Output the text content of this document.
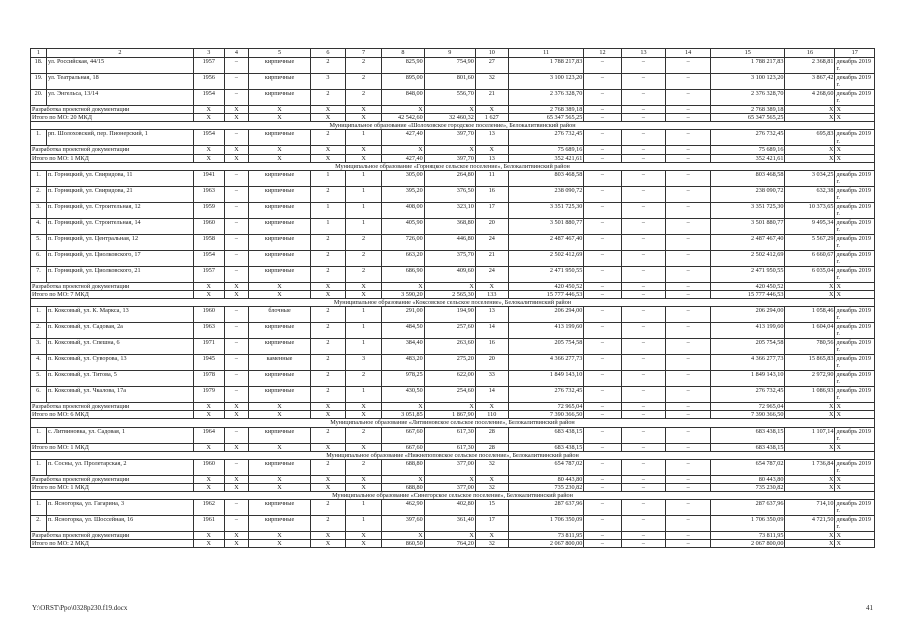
1	2	3	4	5	6	7	8	9	10	11	12	13	14	15	16	17
18.	ул. Российская, 44/15	1957	–	кирпичные	2	2	825,90	754,90	27	1 788 217,83	–	–	–	1 788 217,83	2 368,81	декабрь 2019 г.
19.	ул. Театральная, 18	1956	–	кирпичные	3	2	895,00	801,60	32	3 100 123,20	–	–	–	3 100 123,20	3 867,42	декабрь 2019 г.
20.	ул. Энгельса, 13/14	1954	–	кирпичные	2	2	848,00	556,70	21	2 376 328,70	–	–	–	2 376 328,70	4 268,60	декабрь 2019 г.
Разработка проектной документации		X	X	X	X	X	X	X	X	2 768 389,18	–	–	–	2 768 389,18	X	X
Итого по МО: 20 МКД		X	X	X	X	X	42 542,60	32 460,32	1 627	65 347 565,25	–	–	–	65 347 565,25	X	X
Муниципальное образование «Шолоховское городское поселение», Белокалитвинский район																
1.	рп. Шолоховский, пер. Пионерский, 1	1954	–	кирпичные	2	1	427,40	397,70	13	276 732,45	–	–	–	276 732,45	695,83	декабрь 2019 г.
Разработка проектной документации		X	X	X	X	X	X	X	X	75 689,16	–	–	–	75 689,16	X	X
Итого по МО: 1 МКД		X	X	X	X	X	427,40	397,70	13	352 421,61	–	–	–	352 421,61	X	X
Муниципальное образование «Горняцкое сельское поселение», Белокалитвинский район																
1.	п. Горняцкий, ул. Свиридова, 11	1941	–	кирпичные	1	1	305,00	264,80	11	803 468,58	–	–	–	803 468,58	3 034,25	декабрь 2019 г.
2.	п. Горняцкий, ул. Свиридова, 21	1963	–	кирпичные	2	1	395,20	376,50	16	238 090,72	–	–	–	238 090,72	632,38	декабрь 2019 г.
3.	п. Горняцкий, ул. Строительная, 12	1959	–	кирпичные	1	1	408,00	323,10	17	3 351 725,30	–	–	–	3 351 725,30	10 373,65	декабрь 2019 г.
4.	п. Горняцкий, ул. Строительная, 14	1960	–	кирпичные	1	1	405,90	368,80	20	3 501 880,77	–	–	–	3 501 880,77	9 495,34	декабрь 2019 г.
5.	п. Горняцкий, ул. Центральная, 12	1958	–	кирпичные	2	2	726,00	446,80	24	2 487 467,40	–	–	–	2 487 467,40	5 567,29	декабрь 2019 г.
6.	п. Горняцкий, ул. Циолковского, 17	1954	–	кирпичные	2	2	663,20	375,70	21	2 502 412,69	–	–	–	2 502 412,69	6 660,67	декабрь 2019 г.
7.	п. Горняцкий, ул. Циолковского, 21	1957	–	кирпичные	2	2	686,90	409,60	24	2 471 950,55	–	–	–	2 471 950,55	6 035,04	декабрь 2019 г.
Разработка проектной документации		X	X	X	X	X	X	X	X	420 450,52	–	–	–	420 450,52	X	X
Итого по МО: 7 МКД		X	X	X	X	X	3 590,20	2 565,30	133	15 777 446,53	–	–	–	15 777 446,53	X	X
Муниципальное образование «Коксовское сельское поселение», Белокалитвинский район																
1.	п. Коксовый, ул. К. Маркса, 13	1960	–	блочные	2	1	291,00	194,90	13	206 294,00	–	–	–	206 294,00	1 058,46	декабрь 2019 г.
2.	п. Коксовый, ул. Садовая, 2а	1963	–	кирпичные	2	1	484,50	257,60	14	413 199,60	–	–	–	413 199,60	1 604,04	декабрь 2019 г.
3.	п. Коксовый, ул. Спешна, 6	1971	–	кирпичные	2	1	384,40	263,60	16	205 754,58	–	–	–	205 754,58	780,56	декабрь 2019 г.
4.	п. Коксовый, ул. Суворова, 13	1945	–	каменные	2	3	483,20	275,20	20	4 366 277,73	–	–	–	4 366 277,73	15 865,83	декабрь 2019 г.
5.	п. Коксовый, ул. Титова, 5	1978	–	кирпичные	2	2	978,25	622,00	33	1 849 143,10	–	–	–	1 849 143,10	2 972,90	декабрь 2019 г.
6.	п. Коксовый, ул. Чкалова, 17а	1979	–	кирпичные	2	1	430,50	254,60	14	276 732,45	–	–	–	276 732,45	1 086,93	декабрь 2019 г.
Разработка проектной документации		X	X	X	X	X	X	X	X	72 965,04	–	–	–	72 965,04	X	X
Итого по МО: 6 МКД		X	X	X	X	X	3 051,85	1 867,90	110	7 390 366,50	–	–	–	7 390 366,50	X	X
Муниципальное образование «Литвиновское сельское поселение», Белокалитвинский район																
1.	с. Литвиновка, ул. Садовая, 1	1964	–	кирпичные	2	2	667,60	617,30	28	683 438,15	–	–	–	683 438,15	1 107,14	декабрь 2019 г.
Итого по МО: 1 МКД		X	X	X	X	X	667,60	617,30	28	683 438,15	–	–	–	683 438,15	X	X
Муниципальное образование «Нижнепоповское сельское поселение», Белокалитвинский район																
1.	п. Сосны, ул. Пролетарская, 2	1960	–	кирпичные	2	2	688,80	377,00	32	654 787,02	–	–	–	654 787,02	1 736,84	декабрь 2019 г.
Разработка проектной документации		X	X	X	X	X	X	X	X	80 443,80	–	–	–	80 443,80	X	X
Итого по МО: 1 МКД		X	X	X	X	X	688,80	377,00	32	735 230,82	–	–	–	735 230,82	X	X
Муниципальное образование «Синегорское сельское поселение», Белокалитвинский район																
1.	п. Ясногорка, ул. Гагарина, 3	1962	–	кирпичные	2	1	462,90	402,80	15	287 637,96	–	–	–	287 637,96	714,10	декабрь 2019 г.
2.	п. Ясногорка, ул. Шоссейная, 16	1961	–	кирпичные	2	1	397,60	361,40	17	1 706 350,09	–	–	–	1 706 350,09	4 721,50	декабрь 2019 г.
Разработка проектной документации		X	X	X	X	X	X	X	X	73 811,95	–	–	–	73 811,95	X	X
Итого по МО: 2 МКД		X	X	X	X	X	860,50	764,20	32	2 067 800,00	–	–	–	2 067 800,00	X	X
Y:\ORST\Ppo\0328p230.f19.docx	41
